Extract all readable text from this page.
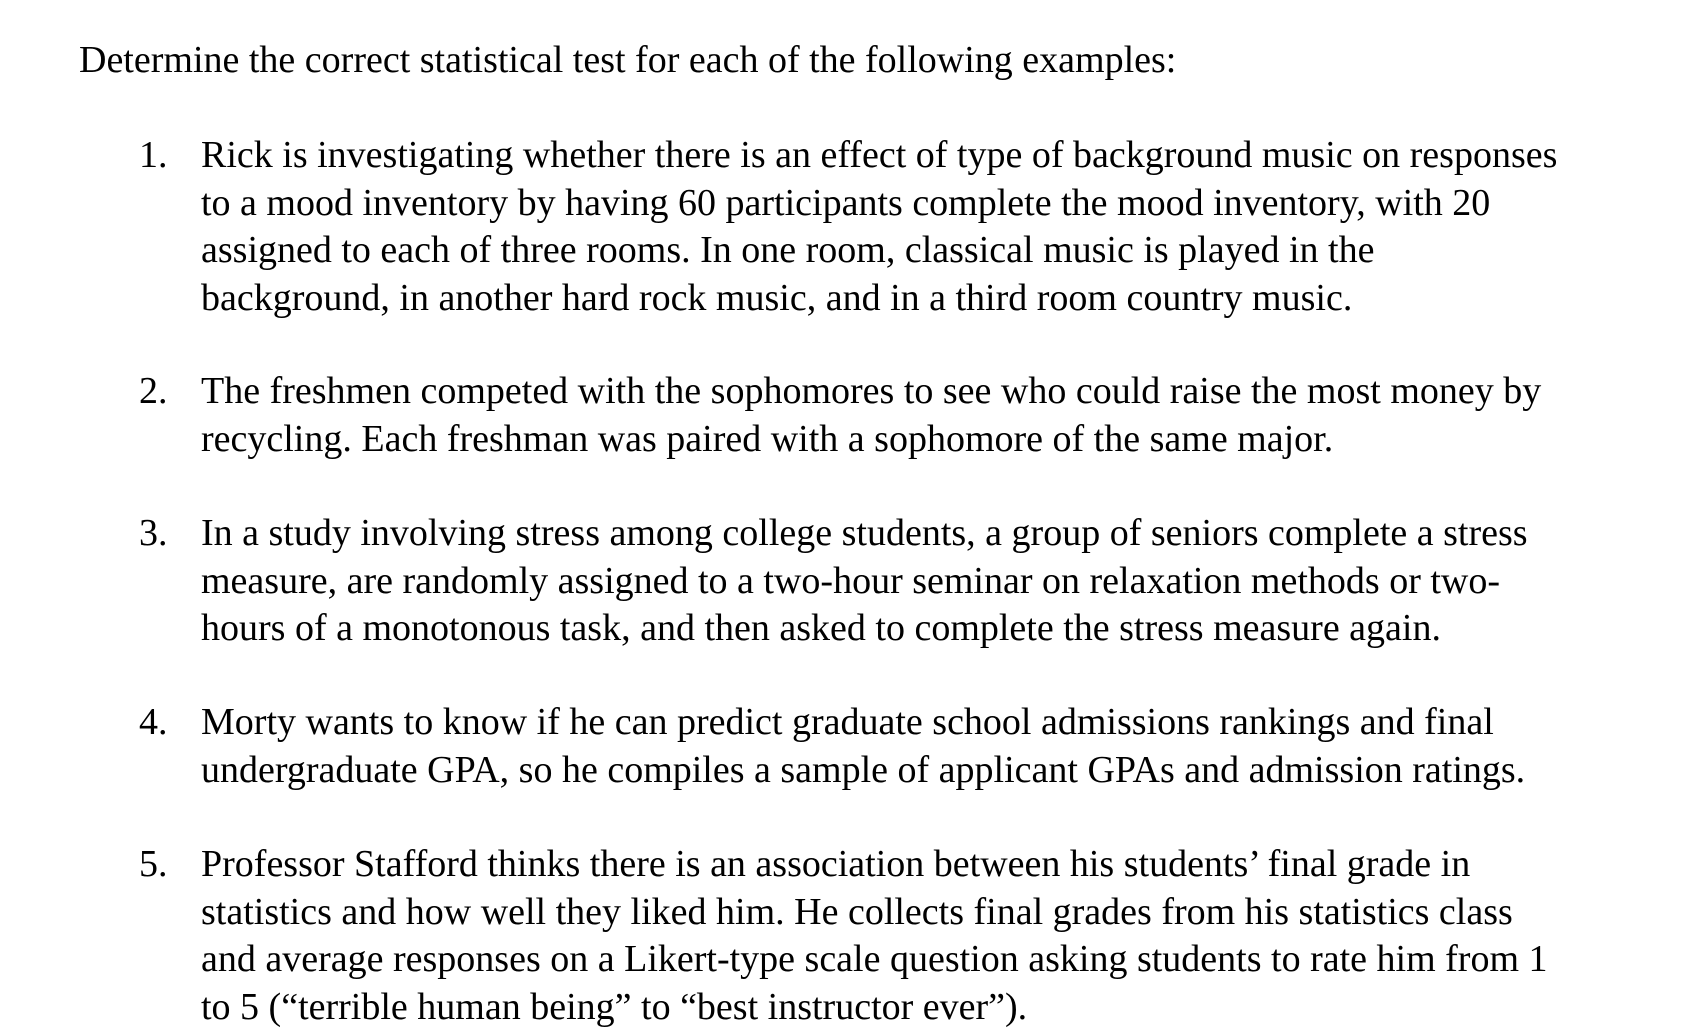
Determine the correct statistical test for each of the following examples:
1. Rick is investigating whether there is an effect of type of background music on responses
to a mood inventory by having 60 participants complete the mood inventory, with 20
assigned to each of three rooms. In one room, classical music is played in the
background, in another hard rock music, and in a third room country music.
2. The freshmen competed with the sophomores to see who could raise the most money by
recycling. Each freshman was paired with a sophomore of the same major.
3. In a study involving stress among college students, a group of seniors complete a stress
measure, are randomly assigned to a two-hour seminar on relaxation methods or two-
hours of a monotonous task, and then asked to complete the stress measure again.
4. Morty wants to know if he can predict graduate school admissions rankings and final
undergraduate GPA, so he compiles a sample of applicant GPAs and admission ratings.
5. Professor Stafford thinks there is an association between his students’ final grade in
statistics and how well they liked him. He collects final grades from his statistics class
and average responses on a Likert-type scale question asking students to rate him from 1
to 5 (“terrible human being” to “best instructor ever”).
